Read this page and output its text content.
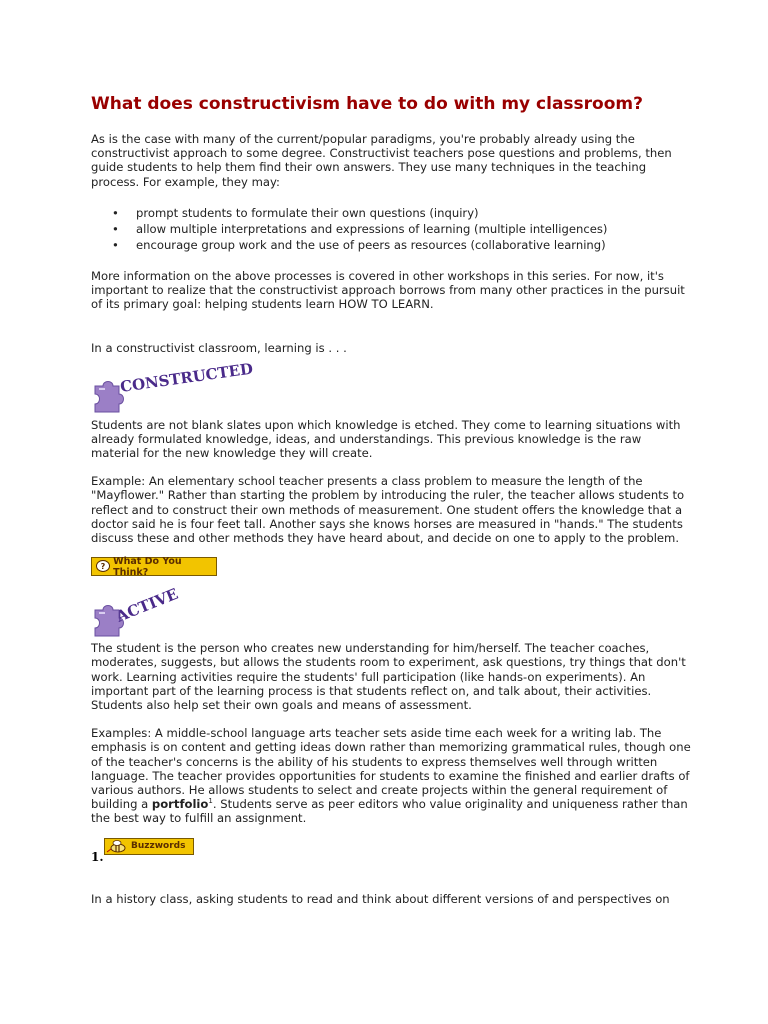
What does constructivism have to do with my classroom?

As is the case with many of the current/popular paradigms, you're probably already using the constructivist approach to some degree. Constructivist teachers pose questions and problems, then guide students to help them find their own answers. They use many techniques in the teaching process. For example, they may:

• prompt students to formulate their own questions (inquiry)
• allow multiple interpretations and expressions of learning (multiple intelligences)
• encourage group work and the use of peers as resources (collaborative learning)

More information on the above processes is covered in other workshops in this series. For now, it's important to realize that the constructivist approach borrows from many other practices in the pursuit of its primary goal: helping students learn HOW TO LEARN.

In a constructivist classroom, learning is . . .

CONSTRUCTED

Students are not blank slates upon which knowledge is etched. They come to learning situations with already formulated knowledge, ideas, and understandings. This previous knowledge is the raw material for the new knowledge they will create.

Example: An elementary school teacher presents a class problem to measure the length of the "Mayflower." Rather than starting the problem by introducing the ruler, the teacher allows students to reflect and to construct their own methods of measurement. One student offers the knowledge that a doctor said he is four feet tall. Another says she knows horses are measured in "hands." The students discuss these and other methods they have heard about, and decide on one to apply to the problem.

? What Do You Think?
ACTIVE

The student is the person who creates new understanding for him/herself. The teacher coaches, moderates, suggests, but allows the students room to experiment, ask questions, try things that don't work. Learning activities require the students' full participation (like hands-on experiments). An important part of the learning process is that students reflect on, and talk about, their activities. Students also help set their own goals and means of assessment.

Examples: A middle-school language arts teacher sets aside time each week for a writing lab. The emphasis is on content and getting ideas down rather than memorizing grammatical rules, though one of the teacher's concerns is the ability of his students to express themselves well through written language. The teacher provides opportunities for students to examine the finished and earlier drafts of various authors. He allows students to select and create projects within the general requirement of building a portfolio$^1$. Students serve as peer editors who value originality and uniqueness rather than the best way to fulfill an assignment.

1.
Buzzwords

In a history class, asking students to read and think about different versions of and perspectives on
